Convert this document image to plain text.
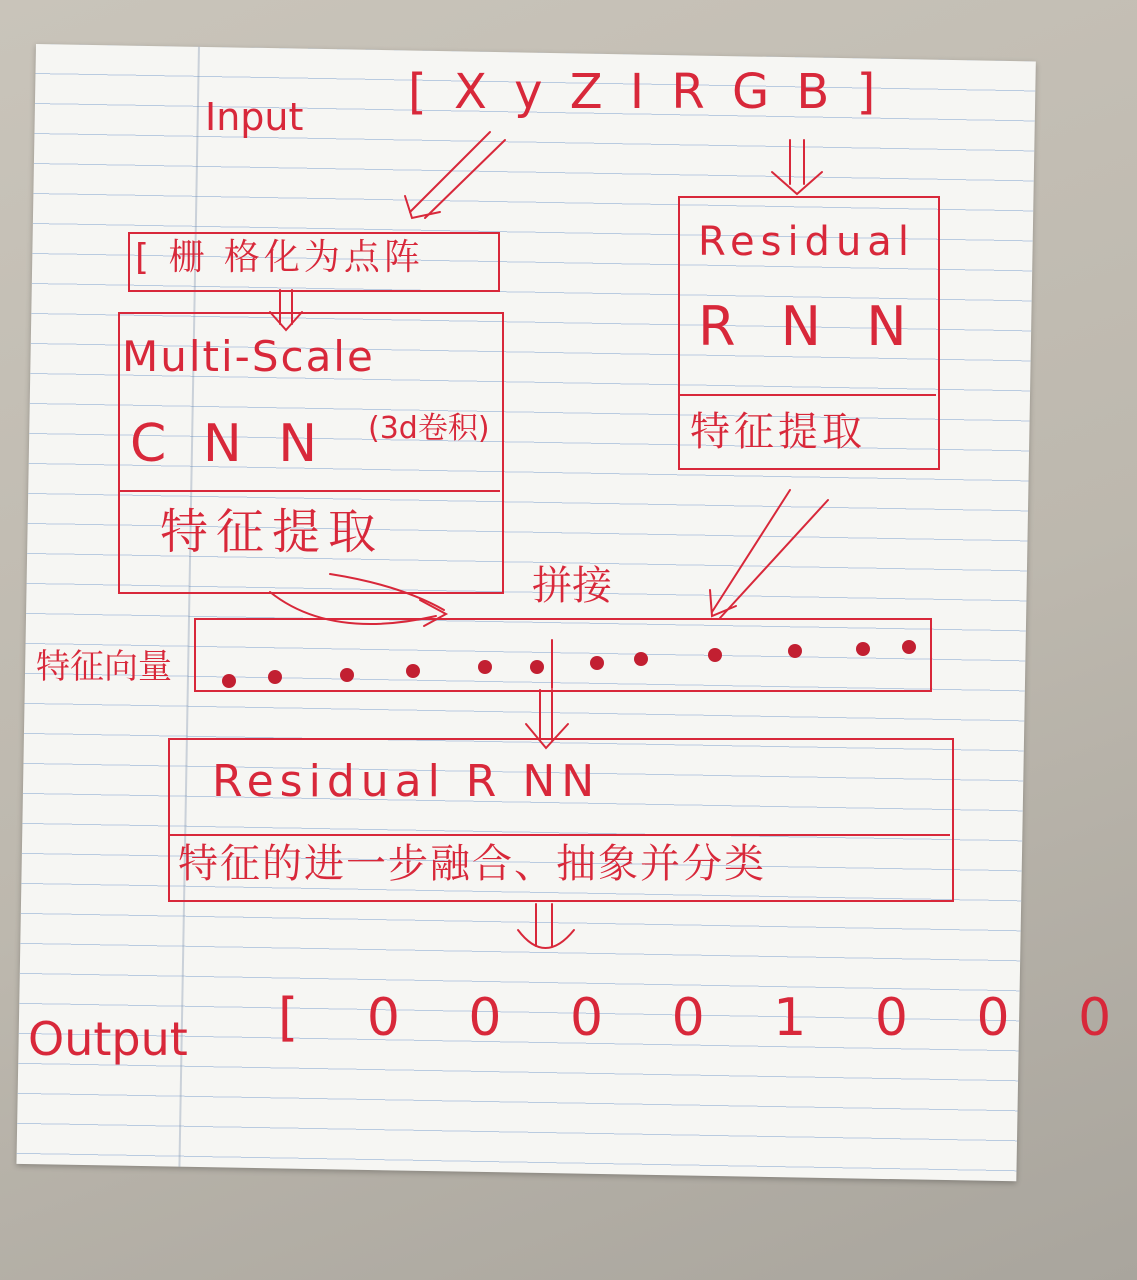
Input [ X y Z I R G B ]
[ 栅 格化为点阵
Multi-Scale
C N N (3d卷积)
特征提取
Residual
R N N
特征提取
拼接
特征向量
Residual R NN
特征的进一步融合、抽象并分类
Output [ 0 0 0 0 1 0 0 0
